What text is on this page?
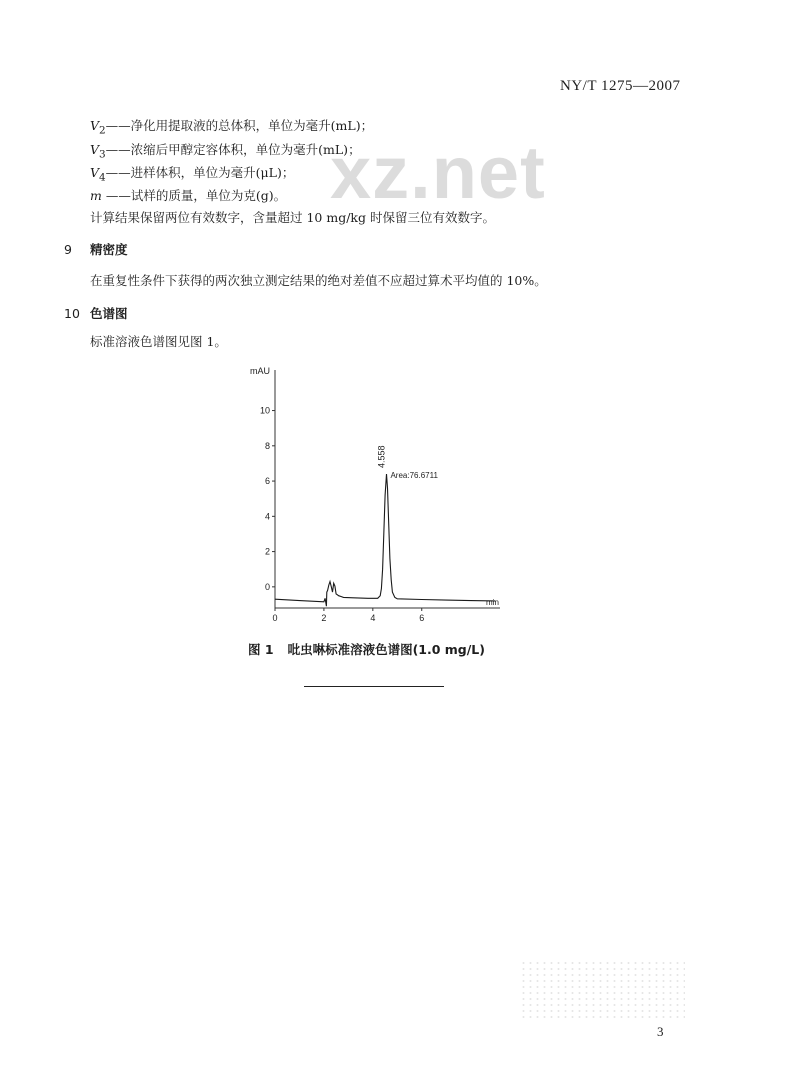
NY/T 1275—2007
xz.net
$V_2——$净化用提取液的总体积，单位为毫升(mL)；
$V_3——$浓缩后甲醇定容体积，单位为毫升(mL)；
$V_4——$进样体积，单位为毫升(μL)；
m ——试样的质量，单位为克(g)。
计算结果保留两位有效数字，含量超过 10 mg/kg 时保留三位有效数字。
9 精密度
在重复性条件下获得的两次独立测定结果的绝对差值不应超过算术平均值的 10%。
10 色谱图
标准溶液色谱图见图 1。
mAU
0
2
4
6
8
10
0	2	4	6
min
4.558
Area:76.6711
图 1 吡虫啉标准溶液色谱图(1.0 mg/L)
3
